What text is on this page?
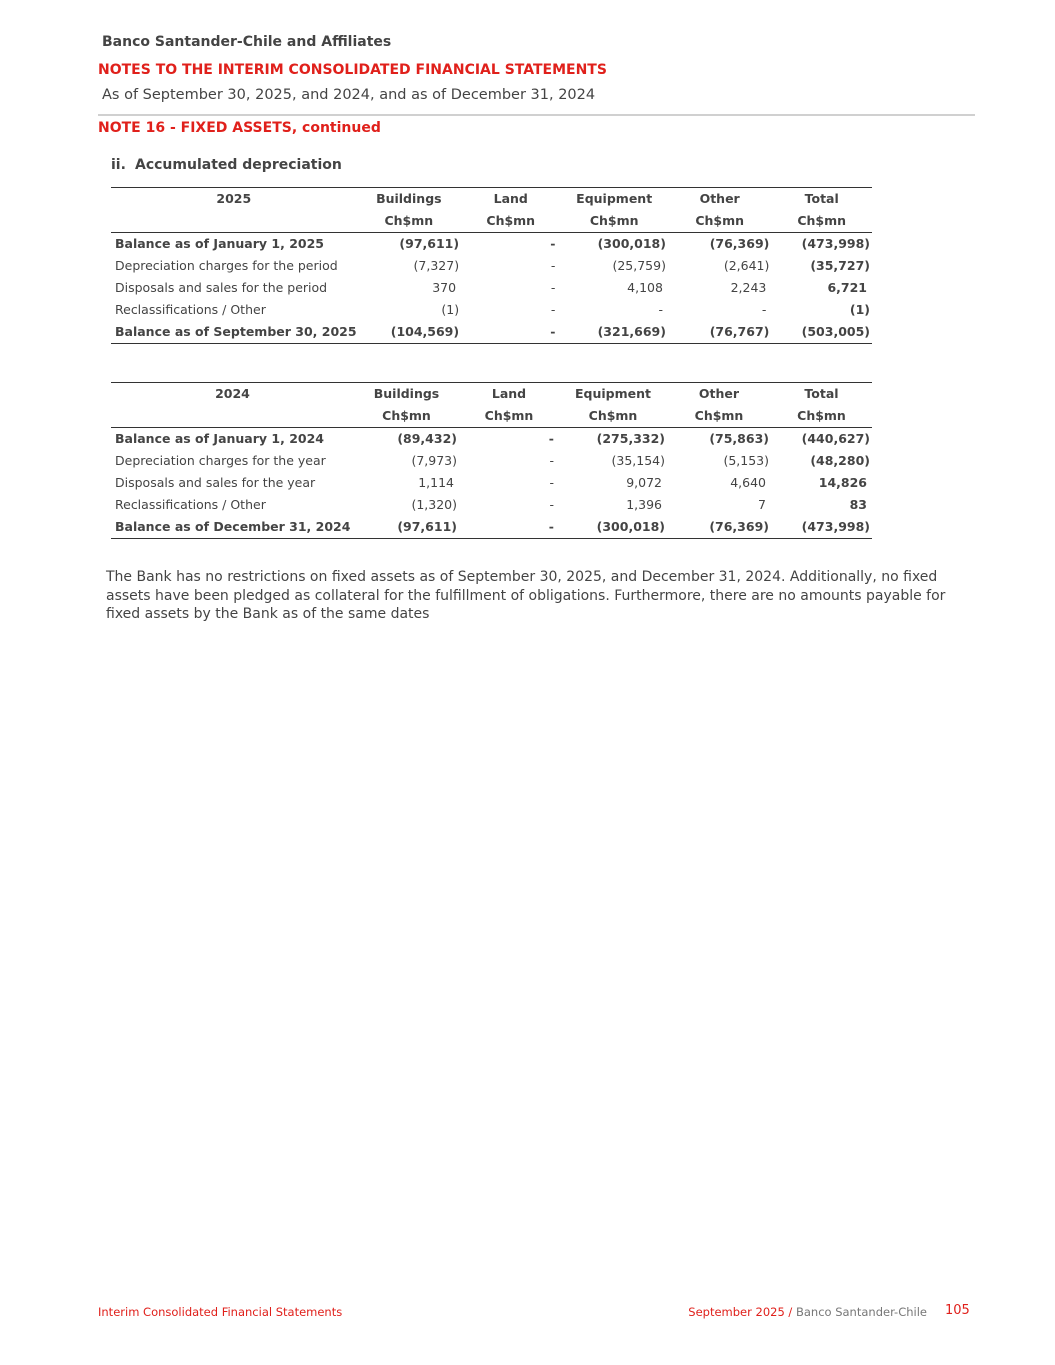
Banco Santander-Chile and Affiliates
NOTES TO THE INTERIM CONSOLIDATED FINANCIAL STATEMENTS
As of September 30, 2025, and 2024, and as of December 31, 2024
NOTE 16 - FIXED ASSETS, continued
ii. Accumulated depreciation
2025	Buildings	Land	Equipment	Other	Total
	Ch$mn	Ch$mn	Ch$mn	Ch$mn	Ch$mn
Balance as of January 1, 2025	(97,611)	-	(300,018)	(76,369)	(473,998)
Depreciation charges for the period	(7,327)	-	(25,759)	(2,641)	(35,727)
Disposals and sales for the period	370	-	4,108	2,243	6,721
Reclassifications / Other	(1)	-	-	-	(1)
Balance as of September 30, 2025	(104,569)	-	(321,669)	(76,767)	(503,005)
2024	Buildings	Land	Equipment	Other	Total
	Ch$mn	Ch$mn	Ch$mn	Ch$mn	Ch$mn
Balance as of January 1, 2024	(89,432)	-	(275,332)	(75,863)	(440,627)
Depreciation charges for the year	(7,973)	-	(35,154)	(5,153)	(48,280)
Disposals and sales for the year	1,114	-	9,072	4,640	14,826
Reclassifications / Other	(1,320)	-	1,396	7	83
Balance as of December 31, 2024	(97,611)	-	(300,018)	(76,369)	(473,998)

The Bank has no restrictions on fixed assets as of September 30, 2025, and December 31, 2024. Additionally, no fixed assets have been pledged as collateral for the fulfillment of obligations. Furthermore, there are no amounts payable for fixed assets by the Bank as of the same dates

Interim Consolidated Financial Statements	September 2025 / Banco Santander-Chile 105
